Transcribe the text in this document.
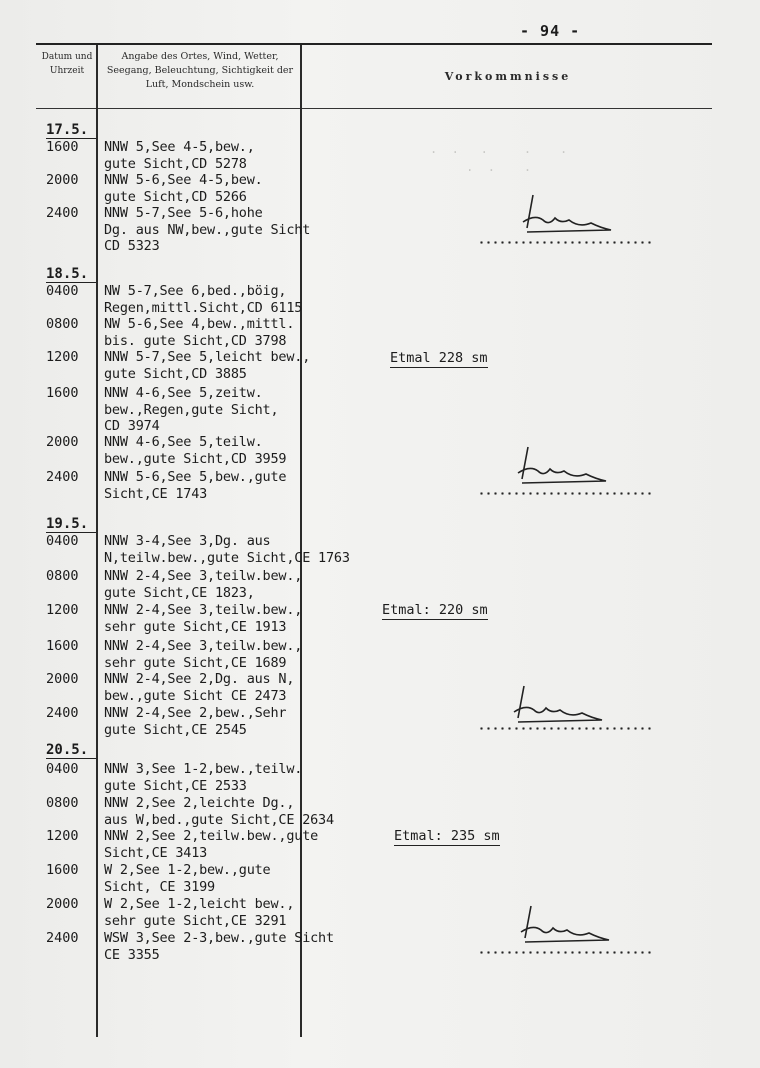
- 94 -
Datum und Uhrzeit
Angabe des Ortes, Wind, Wetter, Seegang, Beleuchtung, Sichtigkeit der Luft, Mondschein usw.
Vorkommnisse
.  .   .     .    .
.  .    .
17.5.
1600	NNW 5,See 4-5,bew.,
gute Sicht,CD 5278
2000	NNW 5-6,See 4-5,bew.
gute Sicht,CD 5266
2400	NNW 5-7,See 5-6,hohe
Dg. aus NW,bew.,gute Sicht
CD 5323
18.5.
0400	NW 5-7,See 6,bed.,böig,
Regen,mittl.Sicht,CD 6115
0800	NW 5-6,See 4,bew.,mittl.
bis. gute Sicht,CD 3798
1200	NNW 5-7,See 5,leicht bew.,
gute Sicht,CD 3885
Etmal 228 sm
1600	NNW 4-6,See 5,zeitw.
bew.,Regen,gute Sicht,
CD 3974
2000	NNW 4-6,See 5,teilw.
bew.,gute Sicht,CD 3959
2400	NNW 5-6,See 5,bew.,gute
Sicht,CE 1743
19.5.
0400	NNW 3-4,See 3,Dg. aus
N,teilw.bew.,gute Sicht,CE 1763
0800	NNW 2-4,See 3,teilw.bew.,
gute Sicht,CE 1823,
1200	NNW 2-4,See 3,teilw.bew.,
sehr gute Sicht,CE 1913
Etmal: 220 sm
1600	NNW 2-4,See 3,teilw.bew.,
sehr gute Sicht,CE 1689
2000	NNW 2-4,See 2,Dg. aus N,
bew.,gute Sicht CE 2473
2400	NNW 2-4,See 2,bew.,Sehr
gute Sicht,CE 2545
20.5.
0400	NNW 3,See 1-2,bew.,teilw.
gute Sicht,CE 2533
0800	NNW 2,See 2,leichte Dg.,
aus W,bed.,gute Sicht,CE 2634
1200	NNW 2,See 2,teilw.bew.,gute
Sicht,CE 3413
Etmal: 235 sm
1600	W 2,See 1-2,bew.,gute
Sicht, CE 3199
2000	W 2,See 1-2,leicht bew.,
sehr gute Sicht,CE 3291
2400	WSW 3,See 2-3,bew.,gute Sicht
CE 3355
